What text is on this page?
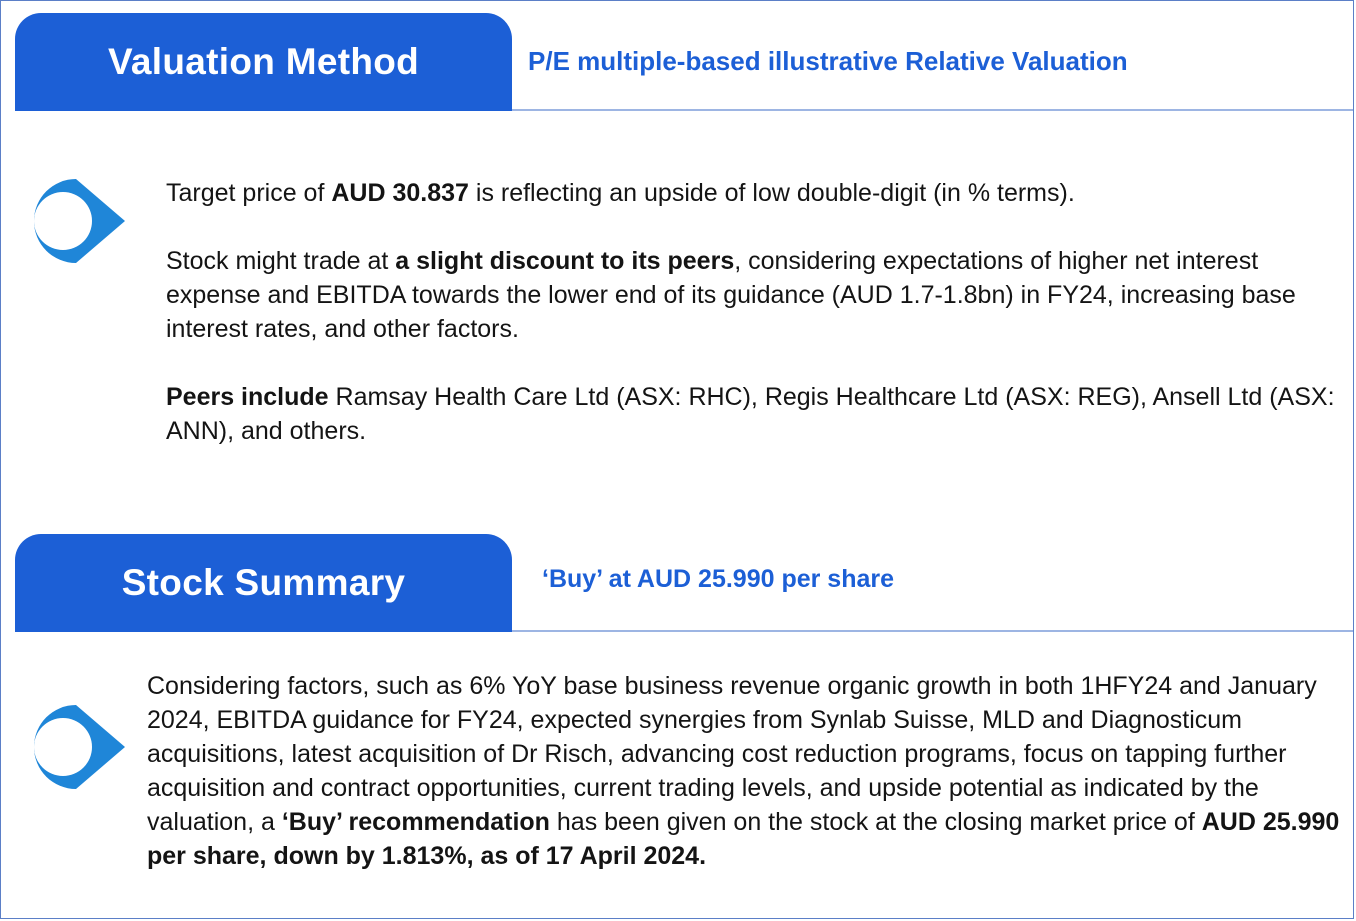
Valuation Method	P/E multiple-based illustrative Relative Valuation

Target price of AUD 30.837 is reflecting an upside of low double-digit (in % terms).

Stock might trade at a slight discount to its peers, considering expectations of higher net interest expense and EBITDA towards the lower end of its guidance (AUD 1.7-1.8bn) in FY24, increasing base interest rates, and other factors.

Peers include Ramsay Health Care Ltd (ASX: RHC), Regis Healthcare Ltd (ASX: REG), Ansell Ltd (ASX: ANN), and others.

Stock Summary	‘Buy’ at AUD 25.990 per share

Considering factors, such as 6% YoY base business revenue organic growth in both 1HFY24 and January 2024, EBITDA guidance for FY24, expected synergies from Synlab Suisse, MLD and Diagnosticum acquisitions, latest acquisition of Dr Risch, advancing cost reduction programs, focus on tapping further acquisition and contract opportunities, current trading levels, and upside potential as indicated by the valuation, a ‘Buy’ recommendation has been given on the stock at the closing market price of AUD 25.990 per share, down by 1.813%, as of 17 April 2024.
